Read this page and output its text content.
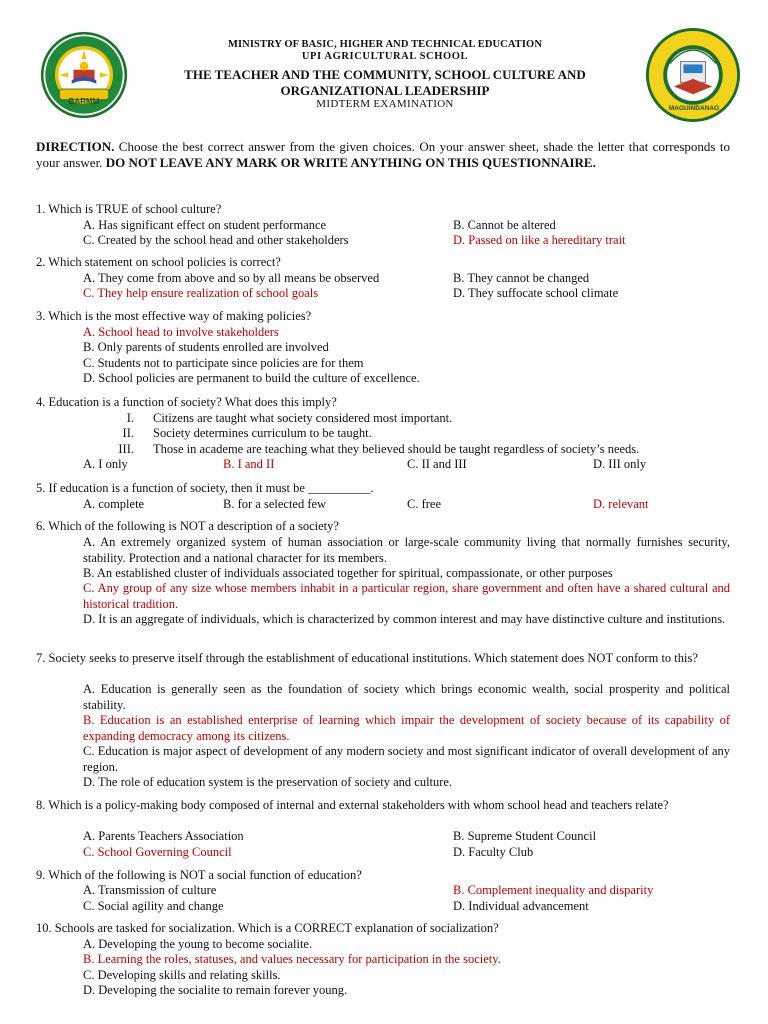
BARMM
MAGUINDANAO
MINISTRY OF BASIC, HIGHER AND TECHNICAL EDUCATION
UPI AGRICULTURAL SCHOOL
THE TEACHER AND THE COMMUNITY, SCHOOL CULTURE AND
ORGANIZATIONAL LEADERSHIP
MIDTERM EXAMINATION
DIRECTION. Choose the best correct answer from the given choices. On your answer sheet, shade the letter that corresponds to your answer. DO NOT LEAVE ANY MARK OR WRITE ANYTHING ON THIS QUESTIONNAIRE.
1. Which is TRUE of school culture?
A. Has significant effect on student performance	B. Cannot be altered
C. Created by the school head and other stakeholders	D. Passed on like a hereditary trait
2. Which statement on school policies is correct?
A. They come from above and so by all means be observed	B. They cannot be changed
C. They help ensure realization of school goals	D. They suffocate school climate
3. Which is the most effective way of making policies?
A. School head to involve stakeholders
B. Only parents of students enrolled are involved
C. Students not to participate since policies are for them
D. School policies are permanent to build the culture of excellence.
4. Education is a function of society? What does this imply?
I. Citizens are taught what society considered most important.
II. Society determines curriculum to be taught.
III. Those in academe are teaching what they believed should be taught regardless of society’s needs.
A. I only	B. I and II	C. II and III	D. III only
5. If education is a function of society, then it must be __________.
A. complete	B. for a selected few	C. free	D. relevant
6. Which of the following is NOT a description of a society?
A. An extremely organized system of human association or large-scale community living that normally furnishes security, stability. Protection and a national character for its members.
B. An established cluster of individuals associated together for spiritual, compassionate, or other purposes
C. Any group of any size whose members inhabit in a particular region, share government and often have a shared cultural and historical tradition.
D. It is an aggregate of individuals, which is characterized by common interest and may have distinctive culture and institutions.
7. Society seeks to preserve itself through the establishment of educational institutions. Which statement does NOT conform to this?
A. Education is generally seen as the foundation of society which brings economic wealth, social prosperity and political stability.
B. Education is an established enterprise of learning which impair the development of society because of its capability of expanding democracy among its citizens.
C. Education is major aspect of development of any modern society and most significant indicator of overall development of any region.
D. The role of education system is the preservation of society and culture.
8. Which is a policy-making body composed of internal and external stakeholders with whom school head and teachers relate?
A. Parents Teachers Association	B. Supreme Student Council
C. School Governing Council	D. Faculty Club
9. Which of the following is NOT a social function of education?
A. Transmission of culture	B. Complement inequality and disparity
C. Social agility and change	D. Individual advancement
10. Schools are tasked for socialization. Which is a CORRECT explanation of socialization?
A. Developing the young to become socialite.
B. Learning the roles, statuses, and values necessary for participation in the society.
C. Developing skills and relating skills.
D. Developing the socialite to remain forever young.
